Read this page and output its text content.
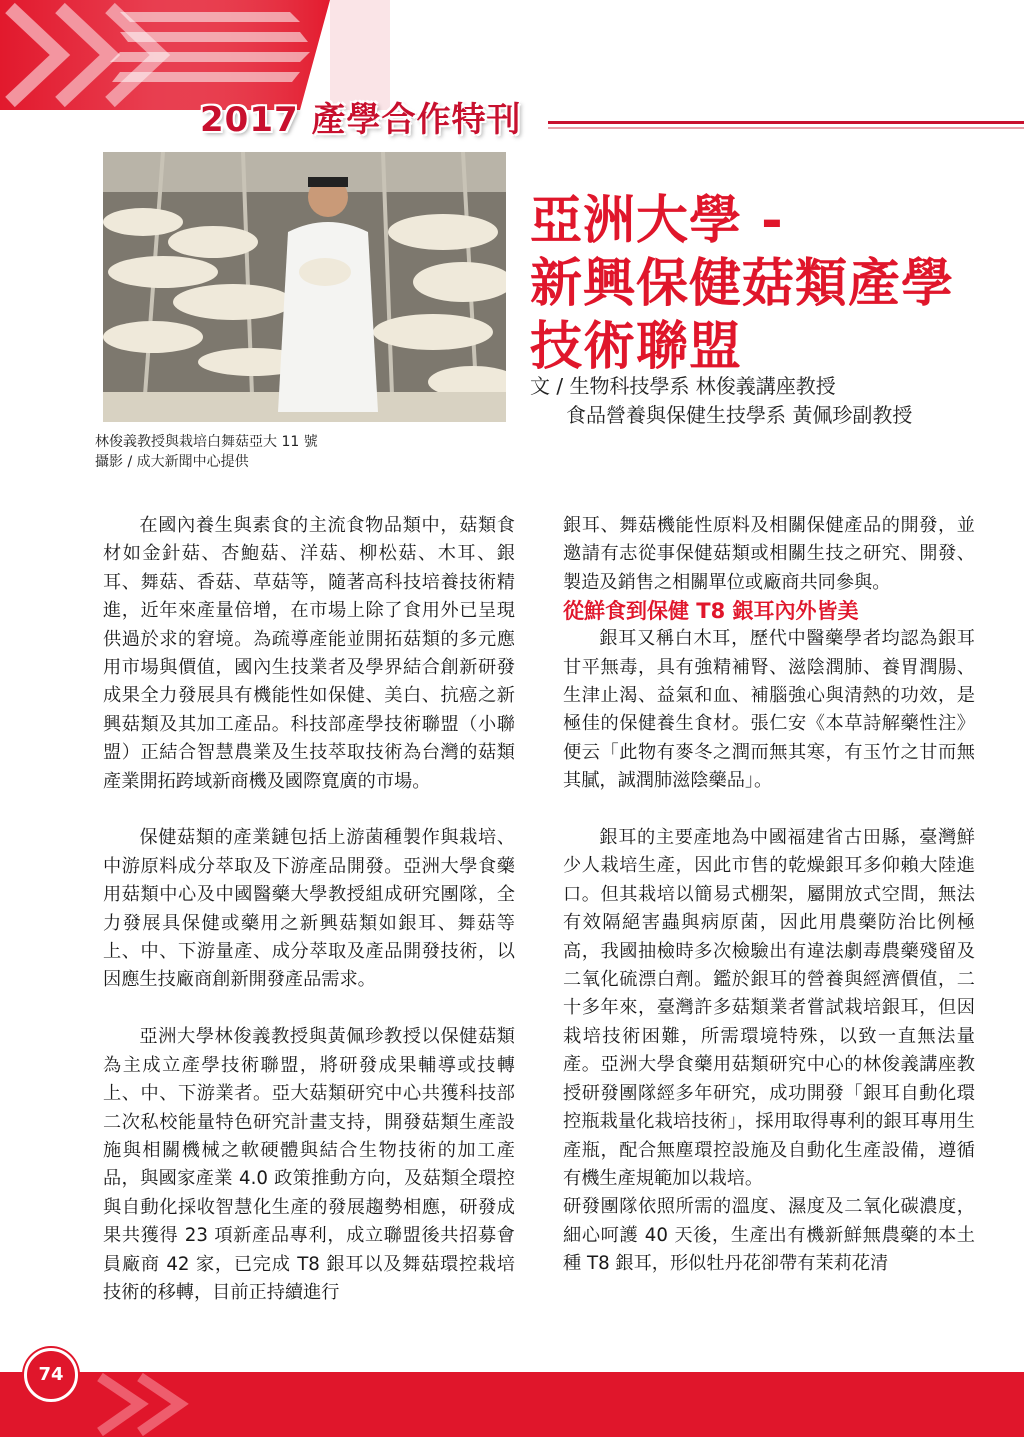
2017 產學合作特刊
林俊義教授與栽培白舞菇亞大 11 號
攝影 / 成大新聞中心提供
亞洲大學 -
新興保健菇類產學
技術聯盟
文 / 生物科技學系 林俊義講座教授
食品營養與保健生技學系 黃佩珍副教授

在國內養生與素食的主流食物品類中，菇類食材如金針菇、杏鮑菇、洋菇、柳松菇、木耳、銀耳、舞菇、香菇、草菇等，隨著高科技培養技術精進，近年來產量倍增，在市場上除了食用外已呈現供過於求的窘境。為疏導產能並開拓菇類的多元應用市場與價值，國內生技業者及學界結合創新研發成果全力發展具有機能性如保健、美白、抗癌之新興菇類及其加工產品。科技部產學技術聯盟（小聯盟）正結合智慧農業及生技萃取技術為台灣的菇類產業開拓跨域新商機及國際寬廣的市場。

保健菇類的產業鏈包括上游菌種製作與栽培、中游原料成分萃取及下游產品開發。亞洲大學食藥用菇類中心及中國醫藥大學教授組成研究團隊，全力發展具保健或藥用之新興菇類如銀耳、舞菇等上、中、下游量產、成分萃取及產品開發技術，以因應生技廠商創新開發產品需求。

亞洲大學林俊義教授與黃佩珍教授以保健菇類為主成立產學技術聯盟，將研發成果輔導或技轉上、中、下游業者。亞大菇類研究中心共獲科技部二次私校能量特色研究計畫支持，開發菇類生產設施與相關機械之軟硬體與結合生物技術的加工產品，與國家產業 4.0 政策推動方向，及菇類全環控與自動化採收智慧化生產的發展趨勢相應，研發成果共獲得 23 項新產品專利，成立聯盟後共招募會員廠商 42 家，已完成 T8 銀耳以及舞菇環控栽培技術的移轉，目前正持續進行

銀耳、舞菇機能性原料及相關保健產品的開發，並邀請有志從事保健菇類或相關生技之研究、開發、製造及銷售之相關單位或廠商共同參與。

從鮮食到保健 T8 銀耳內外皆美

銀耳又稱白木耳，歷代中醫藥學者均認為銀耳甘平無毒，具有強精補腎、滋陰潤肺、養胃潤腸、生津止渴、益氣和血、補腦強心與清熱的功效，是極佳的保健養生食材。張仁安《本草詩解藥性注》便云「此物有麥冬之潤而無其寒，有玉竹之甘而無其膩，誠潤肺滋陰藥品」。

銀耳的主要產地為中國福建省古田縣，臺灣鮮少人栽培生產，因此市售的乾燥銀耳多仰賴大陸進口。但其栽培以簡易式棚架，屬開放式空間，無法有效隔絕害蟲與病原菌，因此用農藥防治比例極高，我國抽檢時多次檢驗出有違法劇毒農藥殘留及二氧化硫漂白劑。鑑於銀耳的營養與經濟價值，二十多年來，臺灣許多菇類業者嘗試栽培銀耳，但因栽培技術困難，所需環境特殊，以致一直無法量產。亞洲大學食藥用菇類研究中心的林俊義講座教授研發團隊經多年研究，成功開發「銀耳自動化環控瓶栽量化栽培技術」，採用取得專利的銀耳專用生產瓶，配合無塵環控設施及自動化生產設備，遵循有機生產規範加以栽培。

研發團隊依照所需的溫度、濕度及二氧化碳濃度，細心呵護 40 天後，生產出有機新鮮無農藥的本土種 T8 銀耳，形似牡丹花卻帶有茉莉花清

74
